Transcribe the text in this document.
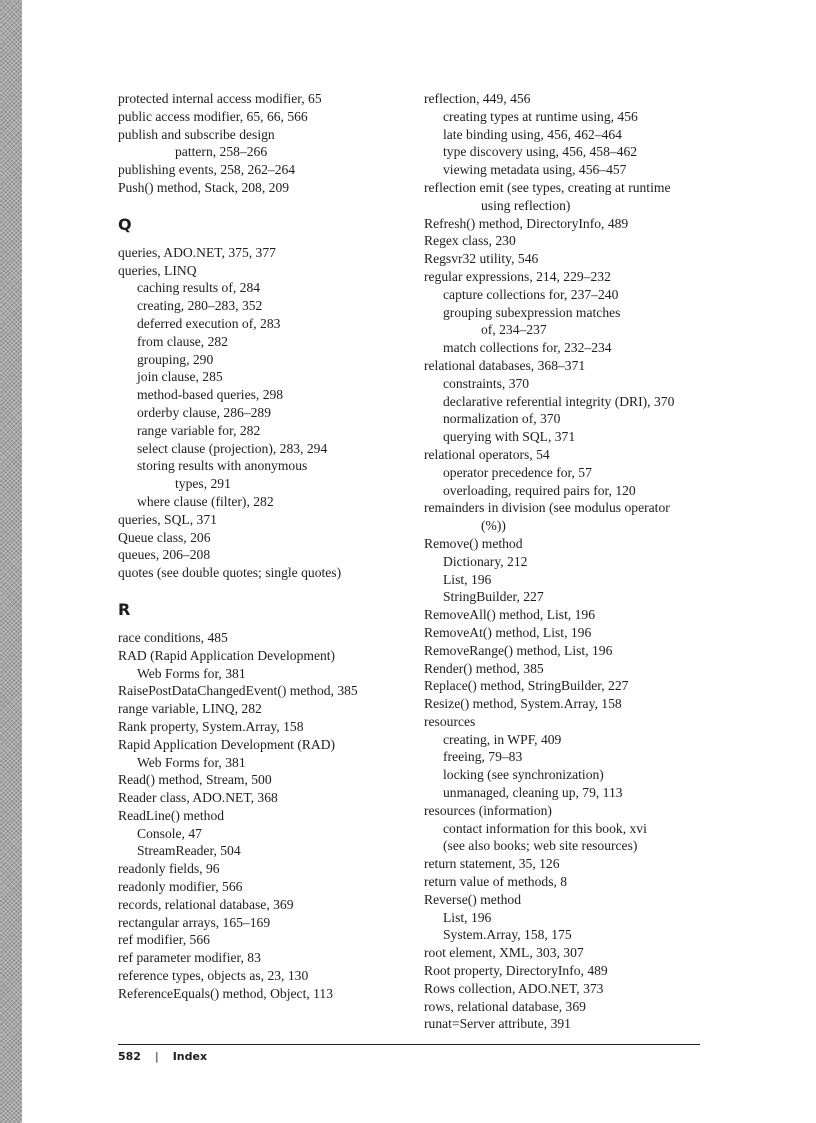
protected internal access modifier, 65
public access modifier, 65, 66, 566
publish and subscribe design
pattern, 258–266
publishing events, 258, 262–264
Push() method, Stack, 208, 209
Q
queries, ADO.NET, 375, 377
queries, LINQ
caching results of, 284
creating, 280–283, 352
deferred execution of, 283
from clause, 282
grouping, 290
join clause, 285
method-based queries, 298
orderby clause, 286–289
range variable for, 282
select clause (projection), 283, 294
storing results with anonymous
types, 291
where clause (filter), 282
queries, SQL, 371
Queue class, 206
queues, 206–208
quotes (see double quotes; single quotes)
R
race conditions, 485
RAD (Rapid Application Development)
Web Forms for, 381
RaisePostDataChangedEvent() method, 385
range variable, LINQ, 282
Rank property, System.Array, 158
Rapid Application Development (RAD)
Web Forms for, 381
Read() method, Stream, 500
Reader class, ADO.NET, 368
ReadLine() method
Console, 47
StreamReader, 504
readonly fields, 96
readonly modifier, 566
records, relational database, 369
rectangular arrays, 165–169
ref modifier, 566
ref parameter modifier, 83
reference types, objects as, 23, 130
ReferenceEquals() method, Object, 113
reflection, 449, 456
creating types at runtime using, 456
late binding using, 456, 462–464
type discovery using, 456, 458–462
viewing metadata using, 456–457
reflection emit (see types, creating at runtime
using reflection)
Refresh() method, DirectoryInfo, 489
Regex class, 230
Regsvr32 utility, 546
regular expressions, 214, 229–232
capture collections for, 237–240
grouping subexpression matches
of, 234–237
match collections for, 232–234
relational databases, 368–371
constraints, 370
declarative referential integrity (DRI), 370
normalization of, 370
querying with SQL, 371
relational operators, 54
operator precedence for, 57
overloading, required pairs for, 120
remainders in division (see modulus operator
(%))
Remove() method
Dictionary, 212
List, 196
StringBuilder, 227
RemoveAll() method, List, 196
RemoveAt() method, List, 196
RemoveRange() method, List, 196
Render() method, 385
Replace() method, StringBuilder, 227
Resize() method, System.Array, 158
resources
creating, in WPF, 409
freeing, 79–83
locking (see synchronization)
unmanaged, cleaning up, 79, 113
resources (information)
contact information for this book, xvi
(see also books; web site resources)
return statement, 35, 126
return value of methods, 8
Reverse() method
List, 196
System.Array, 158, 175
root element, XML, 303, 307
Root property, DirectoryInfo, 489
Rows collection, ADO.NET, 373
rows, relational database, 369
runat=Server attribute, 391
582 | Index
